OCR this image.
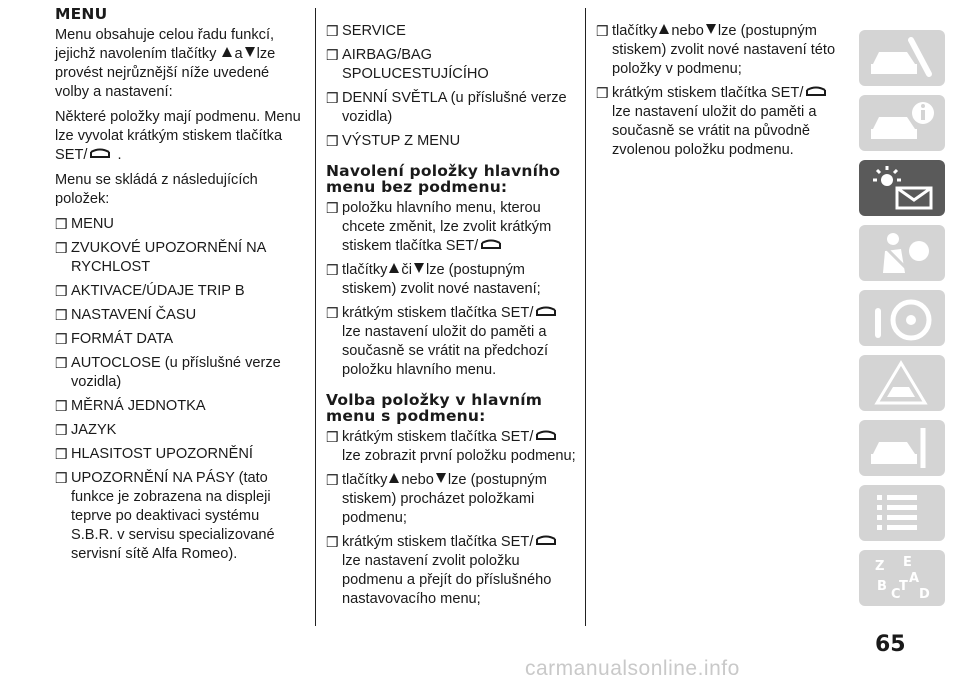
MENU

Menu obsahuje celou řadu funkcí, jejichž navolením tlačítky a lze provést nejrůznější níže uvedené volby a nastavení:

Některé položky mají podmenu. Menu lze vyvolat krátkým stiskem tlačítka SET/ .

Menu se skládá z následujících položek:

❒ MENU
❒ ZVUKOVÉ UPOZORNĚNÍ NA RYCHLOST
❒ AKTIVACE/ÚDAJE TRIP B
❒ NASTAVENÍ ČASU
❒ FORMÁT DATA
❒ AUTOCLOSE (u příslušné verze vozidla)
❒ MĚRNÁ JEDNOTKA
❒ JAZYK
❒ HLASITOST UPOZORNĚNÍ
❒ UPOZORNĚNÍ NA PÁSY (tato funkce je zobrazena na displeji teprve po deaktivaci systému S.B.R. v servisu specializované servisní sítě Alfa Romeo).
❒ SERVICE
❒ AIRBAG/BAG SPOLUCESTUJÍCÍHO
❒ DENNÍ SVĚTLA (u příslušné verze vozidla)
❒ VÝSTUP Z MENU
Navolení položky hlavního menu bez podmenu:
❒ položku hlavního menu, kterou chcete změnit, lze zvolit krátkým stiskem tlačítka SET/
❒ tlačítky či lze (postupným stiskem) zvolit nové nastavení;
❒ krátkým stiskem tlačítka SET/ lze nastavení uložit do paměti a současně se vrátit na předchozí položku hlavního menu.
Volba položky v hlavním menu s podmenu:
❒ krátkým stiskem tlačítka SET/ lze zobrazit první položku podmenu;
❒ tlačítky nebo lze (postupným stiskem) procházet položkami podmenu;
❒ krátkým stiskem tlačítka SET/ lze nastavení zvolit položku podmenu a přejít do příslušného nastavovacího menu;
❒ tlačítky nebo lze (postupným stiskem) zvolit nové nastavení této položky v podmenu;
❒ krátkým stiskem tlačítka SET/ lze nastavení uložit do paměti a současně se vrátit na původně zvolenou položku podmenu.
Z E
A
B
C D
T
65
carmanualsonline.info
